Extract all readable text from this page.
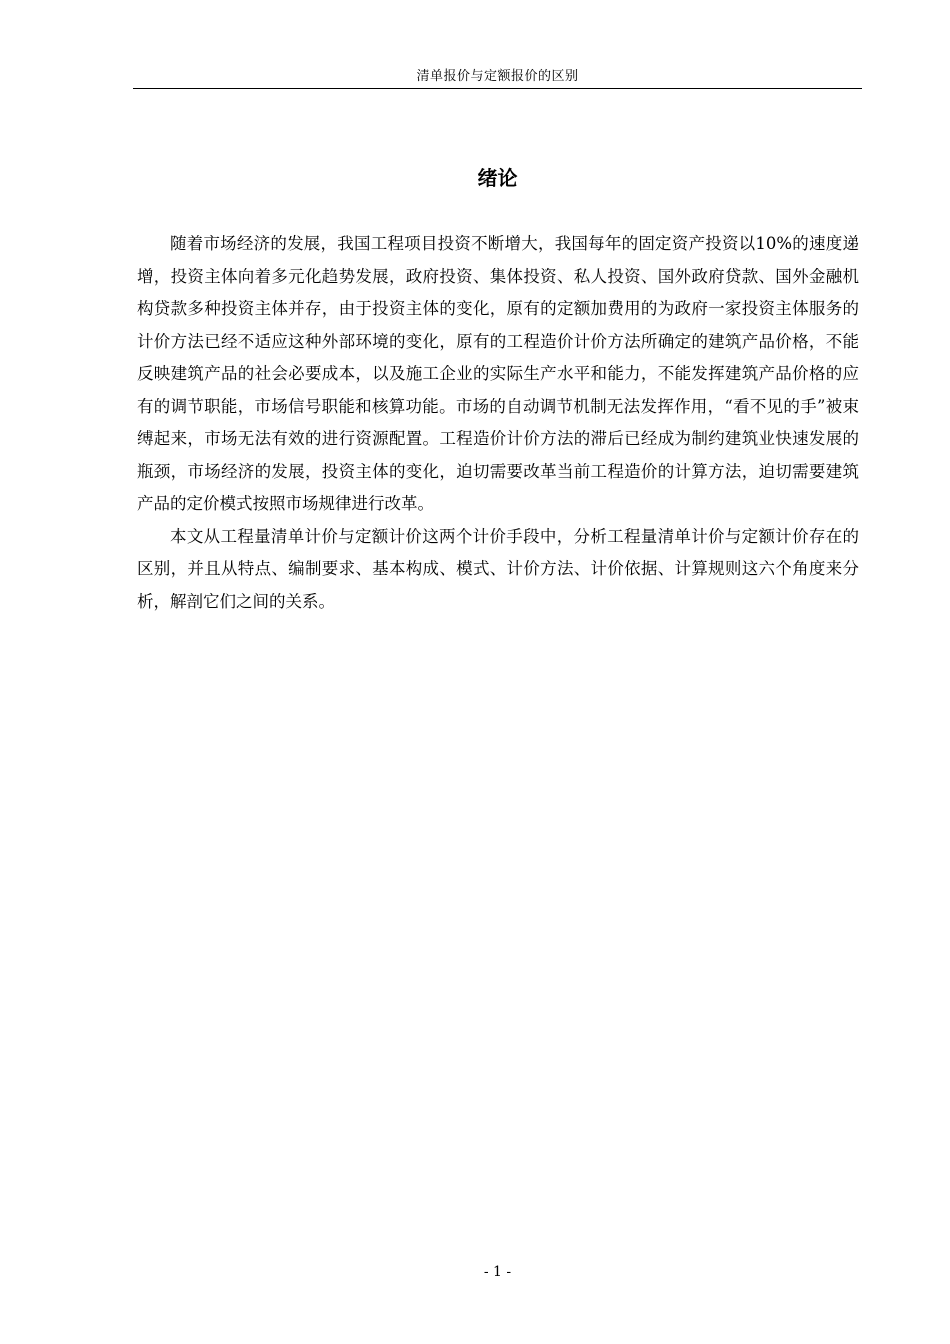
清单报价与定额报价的区别
绪论

随着市场经济的发展，我国工程项目投资不断增大，我国每年的固定资产投资以10%的速度递增，投资主体向着多元化趋势发展，政府投资、集体投资、私人投资、国外政府贷款、国外金融机构贷款多种投资主体并存，由于投资主体的变化，原有的定额加费用的为政府一家投资主体服务的计价方法已经不适应这种外部环境的变化，原有的工程造价计价方法所确定的建筑产品价格，不能反映建筑产品的社会必要成本，以及施工企业的实际生产水平和能力，不能发挥建筑产品价格的应有的调节职能，市场信号职能和核算功能。市场的自动调节机制无法发挥作用，“看不见的手”被束缚起来，市场无法有效的进行资源配置。工程造价计价方法的滞后已经成为制约建筑业快速发展的瓶颈，市场经济的发展，投资主体的变化，迫切需要改革当前工程造价的计算方法，迫切需要建筑产品的定价模式按照市场规律进行改革。

本文从工程量清单计价与定额计价这两个计价手段中，分析工程量清单计价与定额计价存在的区别，并且从特点、编制要求、基本构成、模式、计价方法、计价依据、计算规则这六个角度来分析，解剖它们之间的关系。

- 1 -
